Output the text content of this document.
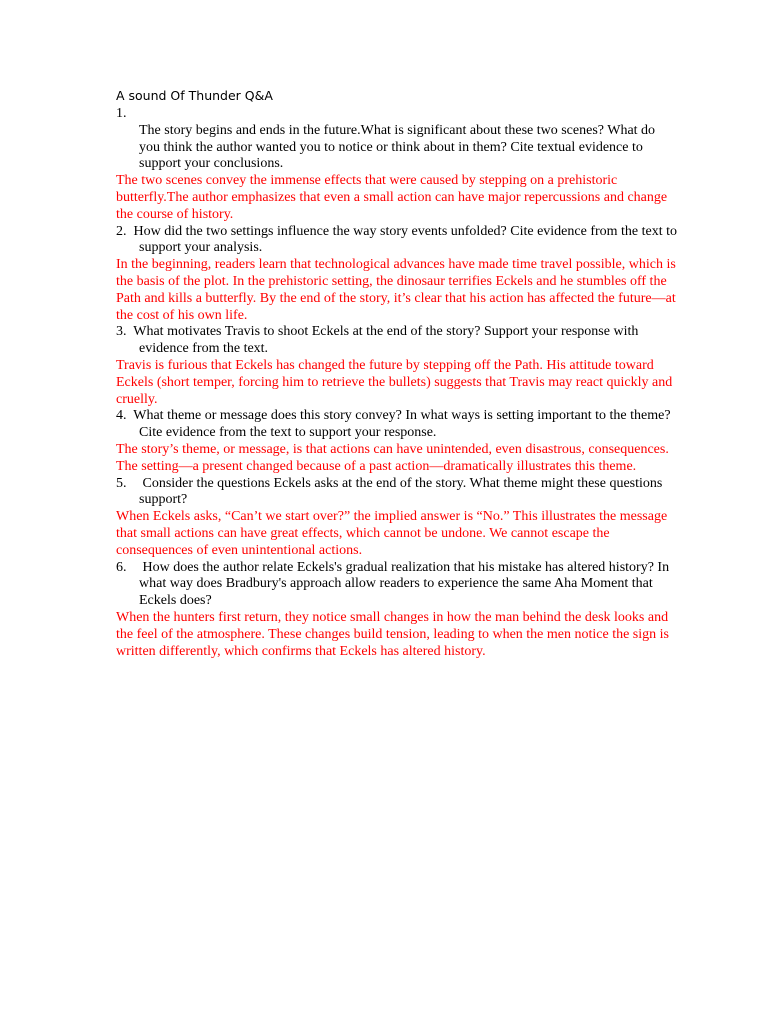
A sound Of Thunder Q&A
1.
The story begins and ends in the future.What is significant about these two scenes? What do you think the author wanted you to notice or think about in them? Cite textual evidence to support your conclusions.
The two scenes convey the immense effects that were caused by stepping on a prehistoric butterfly.The author emphasizes that even a small action can have major repercussions and change the course of history.
2. How did the two settings influence the way story events unfolded? Cite evidence from the text to support your analysis.
In the beginning, readers learn that technological advances have made time travel possible, which is the basis of the plot. In the prehistoric setting, the dinosaur terrifies Eckels and he stumbles off the Path and kills a butterfly. By the end of the story, it’s clear that his action has affected the future—at the cost of his own life.
3. What motivates Travis to shoot Eckels at the end of the story? Support your response with evidence from the text.
Travis is furious that Eckels has changed the future by stepping off the Path. His attitude toward Eckels (short temper, forcing him to retrieve the bullets) suggests that Travis may react quickly and cruelly.
4. What theme or message does this story convey? In what ways is setting important to the theme? Cite evidence from the text to support your response.
The story’s theme, or message, is that actions can have unintended, even disastrous, consequences. The setting—a present changed because of a past action—dramatically illustrates this theme.
5. Consider the questions Eckels asks at the end of the story. What theme might these questions support?
When Eckels asks, “Can’t we start over?” the implied answer is “No.” This illustrates the message that small actions can have great effects, which cannot be undone. We cannot escape the consequences of even unintentional actions.
6. How does the author relate Eckels's gradual realization that his mistake has altered history? In what way does Bradbury's approach allow readers to experience the same Aha Moment that Eckels does?
When the hunters first return, they notice small changes in how the man behind the desk looks and the feel of the atmosphere. These changes build tension, leading to when the men notice the sign is written differently, which confirms that Eckels has altered history.
